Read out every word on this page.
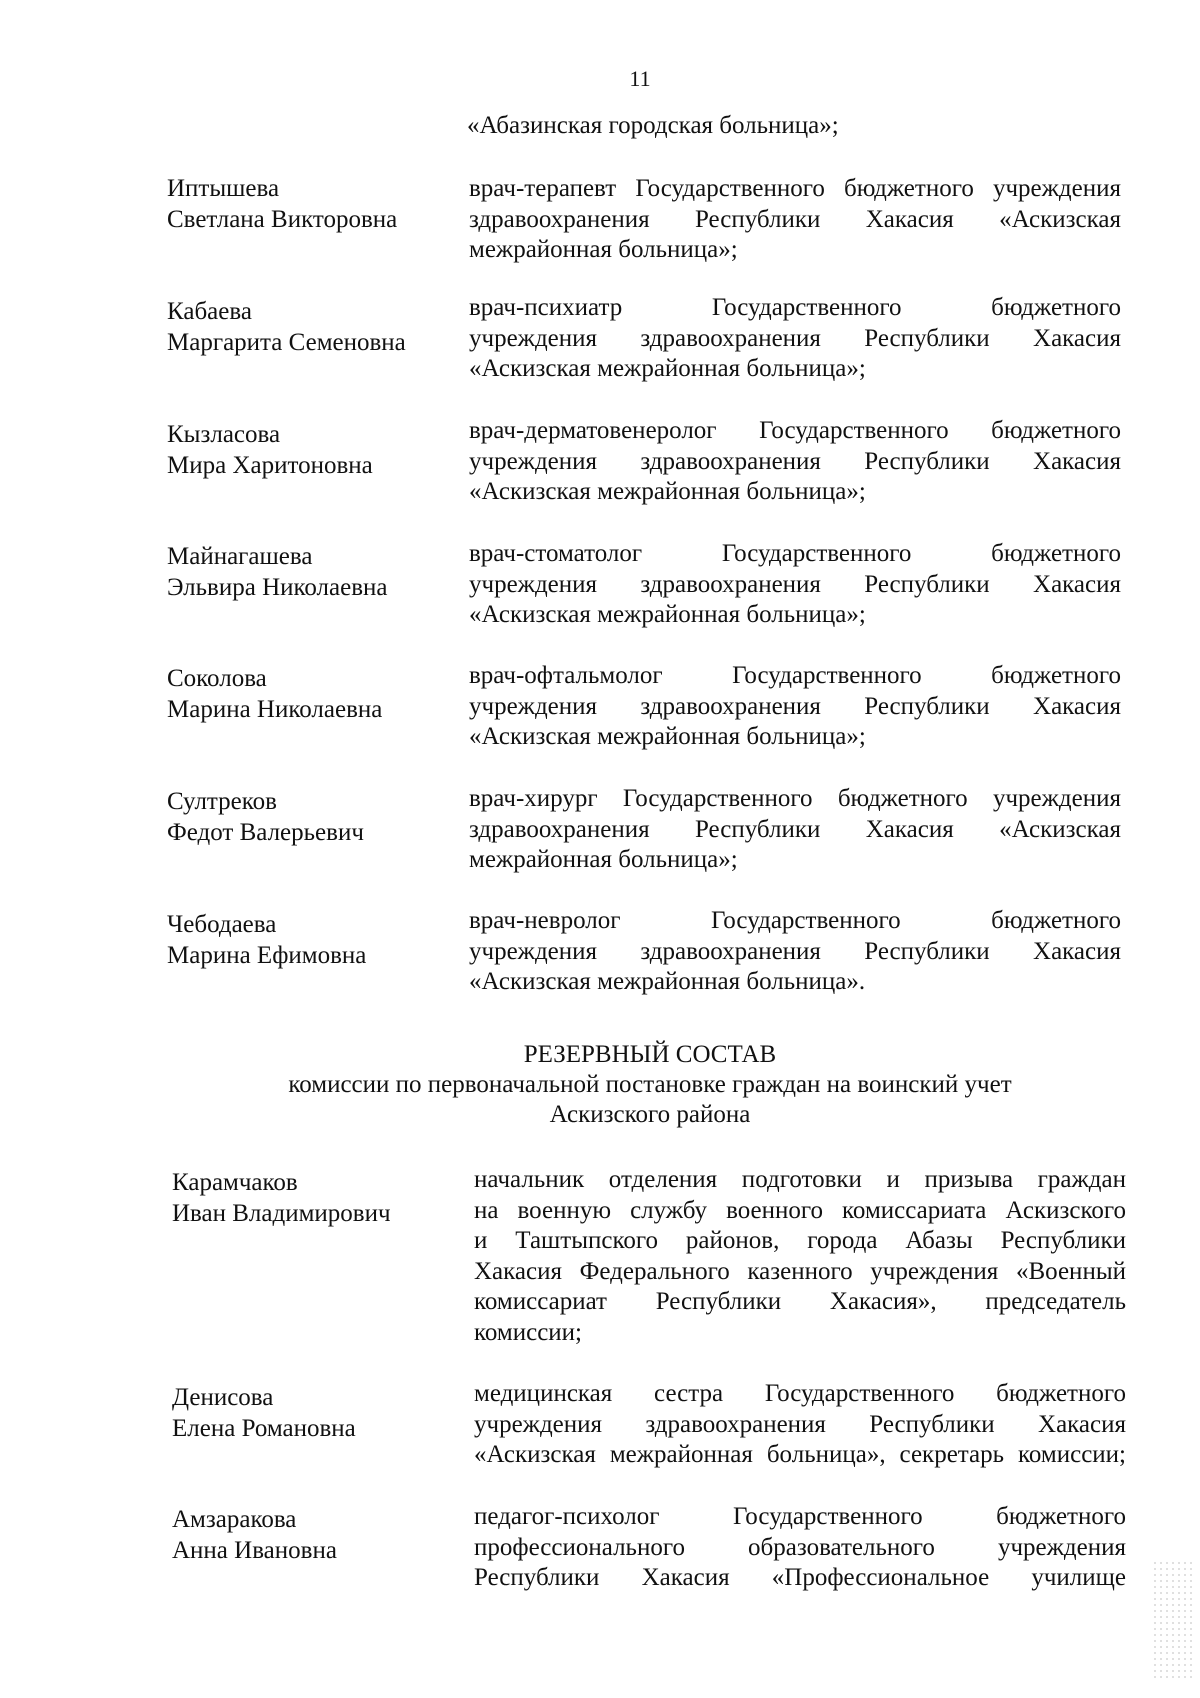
11
«Абазинская городская больница»;
Иптышева
Светлана Викторовна
врач-терапевт Государственного бюджетного учреждения
здравоохранения Республики Хакасия «Аскизская
межрайонная больница»;
Кабаева
Маргарита Семеновна
врач-психиатр Государственного бюджетного
учреждения здравоохранения Республики Хакасия
«Аскизская межрайонная больница»;
Кызласова
Мира Харитоновна
врач-дерматовенеролог Государственного бюджетного
учреждения здравоохранения Республики Хакасия
«Аскизская межрайонная больница»;
Майнагашева
Эльвира Николаевна
врач-стоматолог Государственного бюджетного
учреждения здравоохранения Республики Хакасия
«Аскизская межрайонная больница»;
Соколова
Марина Николаевна
врач-офтальмолог Государственного бюджетного
учреждения здравоохранения Республики Хакасия
«Аскизская межрайонная больница»;
Султреков
Федот Валерьевич
врач-хирург Государственного бюджетного учреждения
здравоохранения Республики Хакасия «Аскизская
межрайонная больница»;
Чебодаева
Марина Ефимовна
врач-невролог Государственного бюджетного
учреждения здравоохранения Республики Хакасия
«Аскизская межрайонная больница».
РЕЗЕРВНЫЙ СОСТАВ
комиссии по первоначальной постановке граждан на воинский учет
Аскизского района
Карамчаков
Иван Владимирович
начальник отделения подготовки и призыва граждан
на военную службу военного комиссариата Аскизского
и Таштыпского районов, города Абазы Республики
Хакасия Федерального казенного учреждения «Военный
комиссариат Республики Хакасия», председатель
комиссии;
Денисова
Елена Романовна
медицинская сестра Государственного бюджетного
учреждения здравоохранения Республики Хакасия
«Аскизская межрайонная больница», секретарь комиссии;
Амзаракова
Анна Ивановна
педагог-психолог Государственного бюджетного
профессионального образовательного учреждения
Республики Хакасия «Профессиональное училище
